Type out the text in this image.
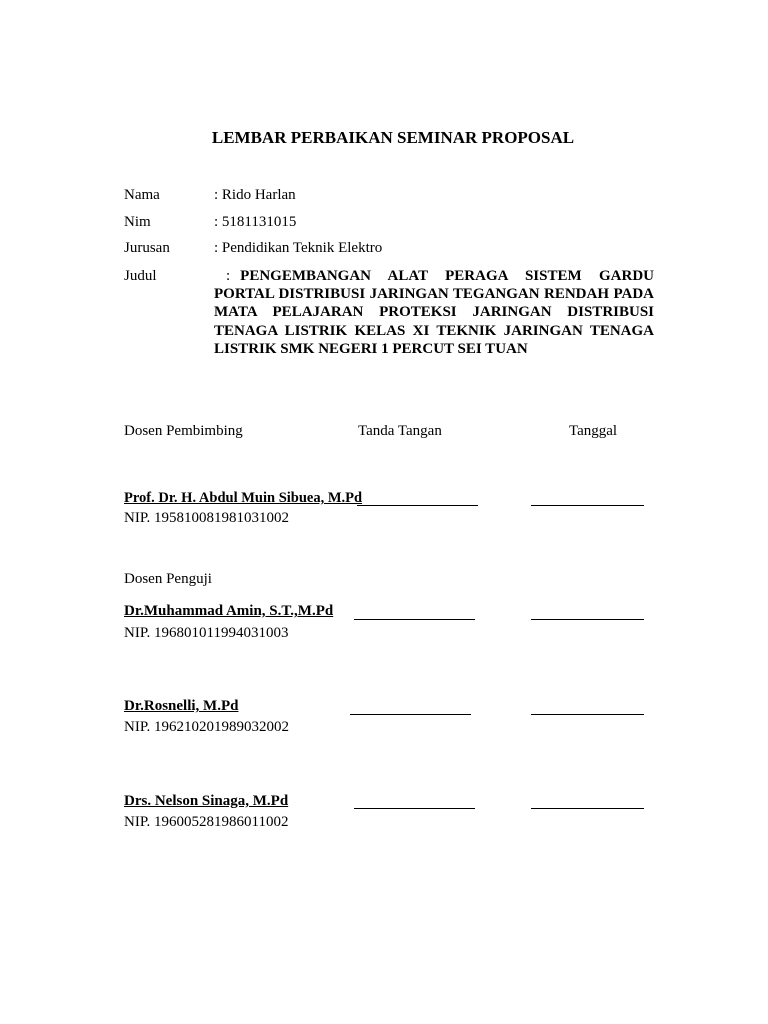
LEMBAR PERBAIKAN SEMINAR PROPOSAL
Nama	: Rido Harlan
Nim	: 5181131015
Jurusan	: Pendidikan Teknik Elektro
Judul	: PENGEMBANGAN ALAT PERAGA SISTEM GARDU PORTAL DISTRIBUSI JARINGAN TEGANGAN RENDAH PADA MATA PELAJARAN PROTEKSI JARINGAN DISTRIBUSI TENAGA LISTRIK KELAS XI TEKNIK JARINGAN TENAGA LISTRIK SMK NEGERI 1 PERCUT SEI TUAN
Dosen Pembimbing	Tanda Tangan	Tanggal
Prof. Dr. H. Abdul Muin Sibuea, M.Pd
NIP. 195810081981031002
Dosen Penguji
Dr.Muhammad Amin, S.T.,M.Pd
NIP. 196801011994031003
Dr.Rosnelli, M.Pd
NIP. 196210201989032002
Drs. Nelson Sinaga, M.Pd
NIP. 196005281986011002
